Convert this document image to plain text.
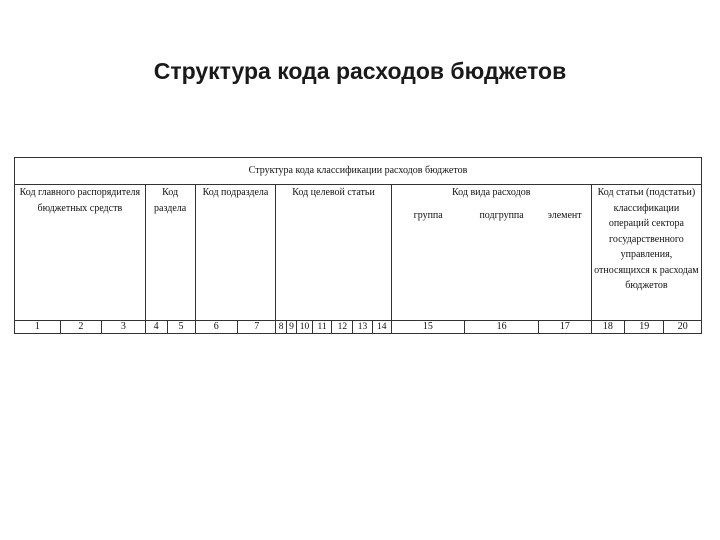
Структура кода расходов бюджетов
Структура кода классификации расходов бюджетов																			
Код главного распорядителя бюджетных средств			Код раздела		Код подраздела		Код целевой статьи							Код вида расходов			Код статьи (подстатьи) классификации операций сектора государственного управления, относящихся к расходам бюджетов		
														группа	подгруппа	элемент			
1	2	3	4	5	6	7	8	9	10	11	12	13	14	15	16	17	18	19	20
